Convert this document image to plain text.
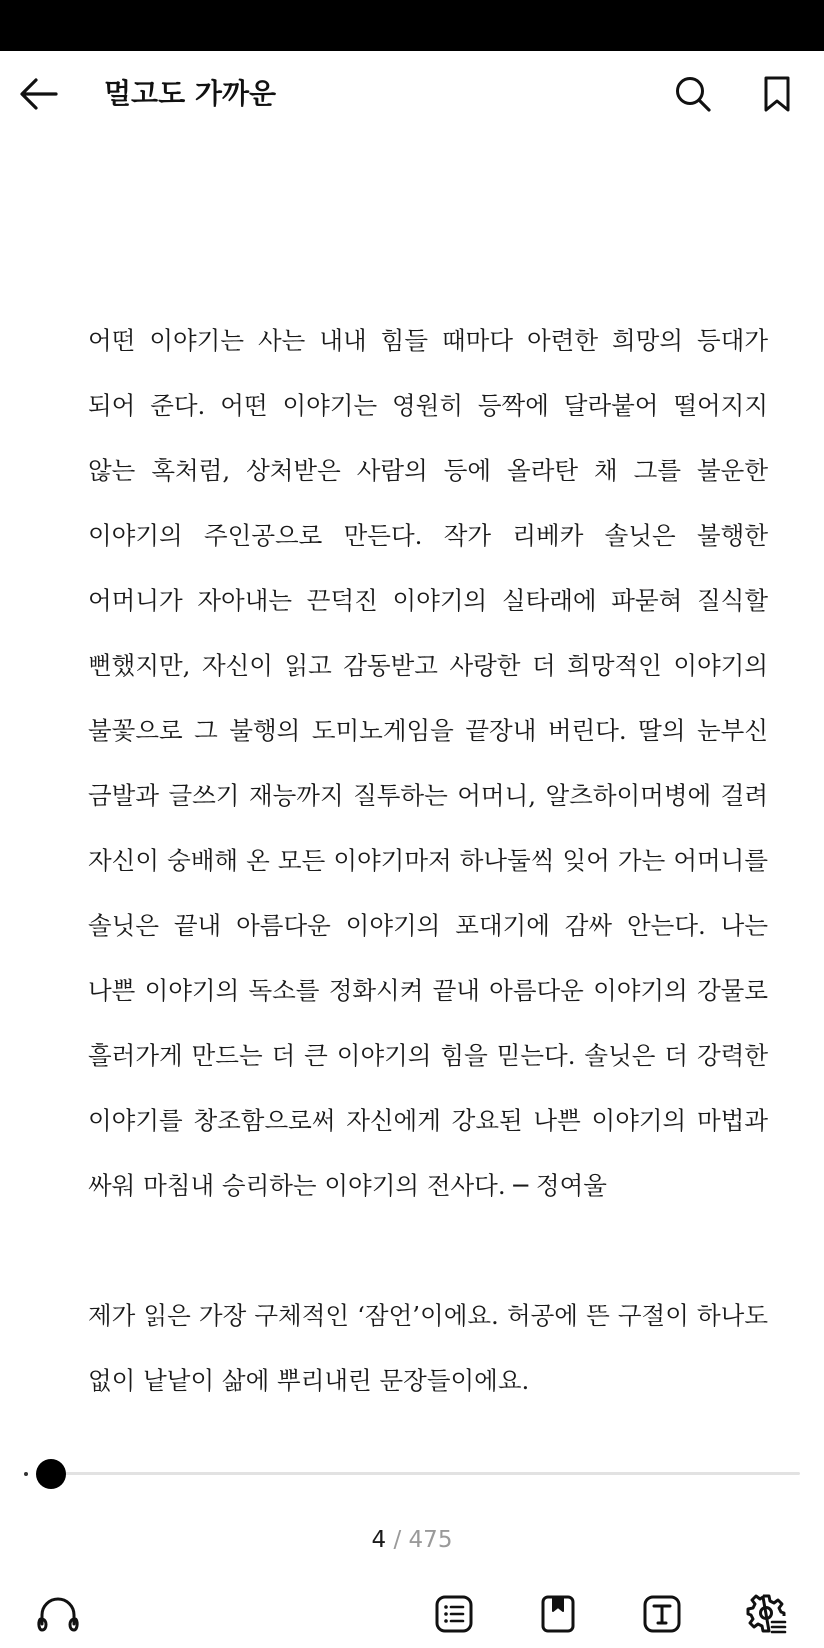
멀고도 가까운

어떤 이야기는 사는 내내 힘들 때마다 아련한 희망의 등대가 되어 준다. 어떤 이야기는 영원히 등짝에 달라붙어 떨어지지 않는 혹처럼, 상처받은 사람의 등에 올라탄 채 그를 불운한 이야기의 주인공으로 만든다. 작가 리베카 솔닛은 불행한 어머니가 자아내는 끈덕진 이야기의 실타래에 파묻혀 질식할 뻔했지만, 자신이 읽고 감동받고 사랑한 더 희망적인 이야기의 불꽃으로 그 불행의 도미노게임을 끝장내 버린다. 딸의 눈부신 금발과 글쓰기 재능까지 질투하는 어머니, 알츠하이머병에 걸려 자신이 숭배해 온 모든 이야기마저 하나둘씩 잊어 가는 어머니를 솔닛은 끝내 아름다운 이야기의 포대기에 감싸 안는다. 나는 나쁜 이야기의 독소를 정화시켜 끝내 아름다운 이야기의 강물로 흘러가게 만드는 더 큰 이야기의 힘을 믿는다. 솔닛은 더 강력한 이야기를 창조함으로써 자신에게 강요된 나쁜 이야기의 마법과 싸워 마침내 승리하는 이야기의 전사다. ─ 정여울

제가 읽은 가장 구체적인 ‘잠언’이에요. 허공에 뜬 구절이 하나도 없이 낱낱이 삶에 뿌리내린 문장들이에요.

4 / 475
